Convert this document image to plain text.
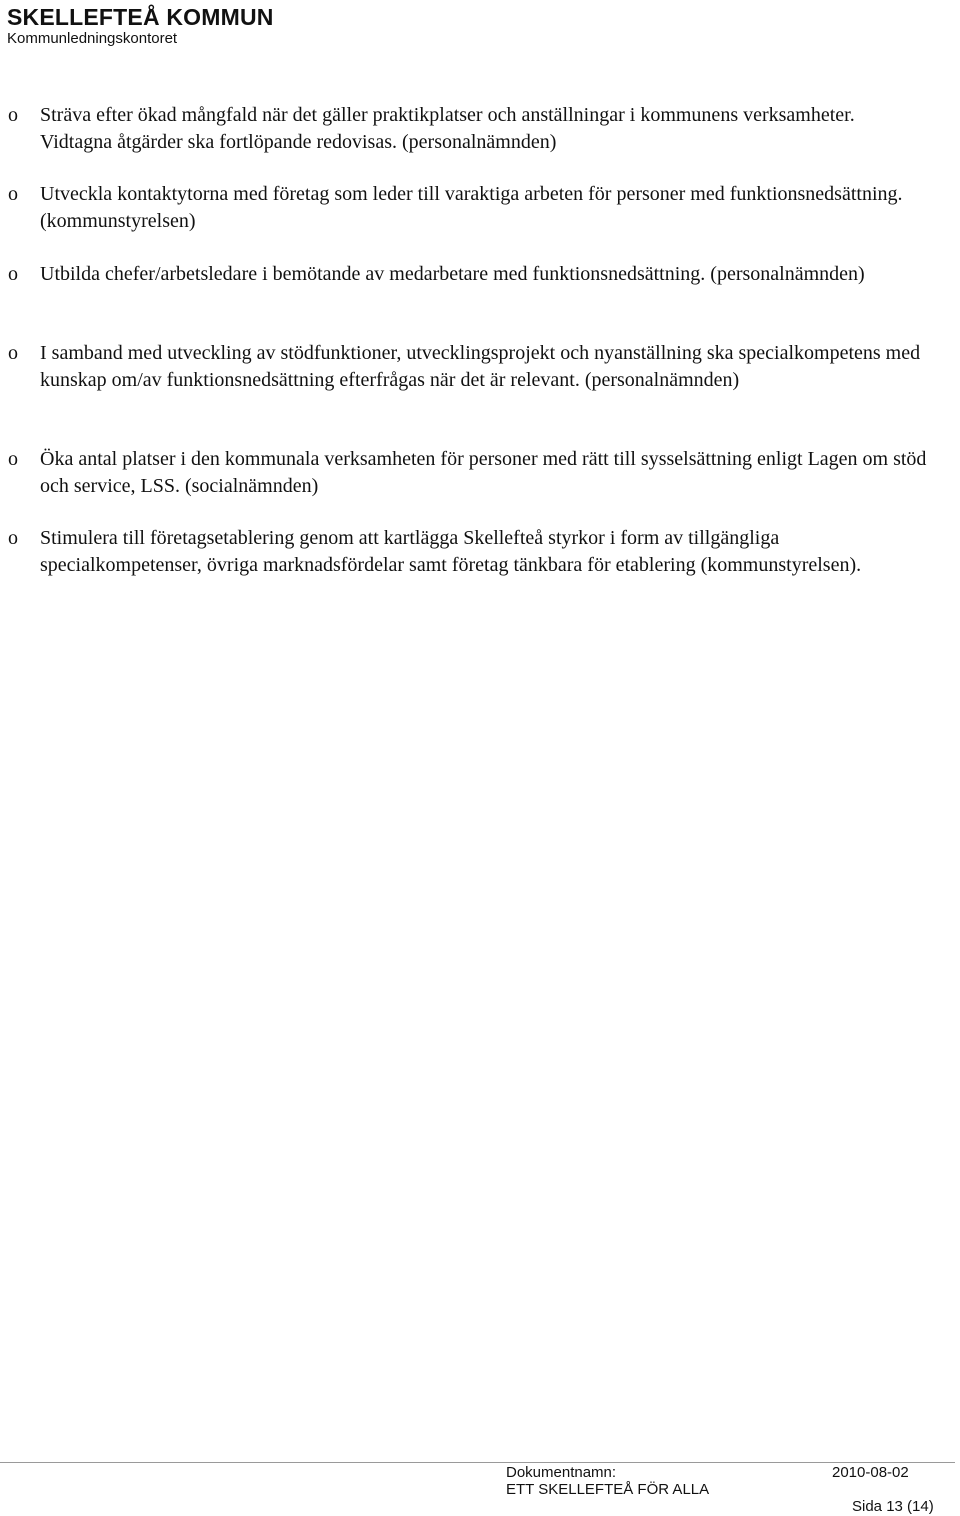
SKELLEFTEÅ KOMMUN

Kommunledningskontoret

o Sträva efter ökad mångfald när det gäller praktikplatser och anställningar i kommunens verksamheter. Vidtagna åtgärder ska fortlöpande redovisas. (personalnämnden)

o Utveckla kontaktytorna med företag som leder till varaktiga arbeten för personer med funktionsnedsättning. (kommunstyrelsen)

o Utbilda chefer/arbetsledare i bemötande av medarbetare med funktionsnedsättning. (personalnämnden)

o I samband med utveckling av stödfunktioner, utvecklingsprojekt och nyanställning ska specialkompetens med kunskap om/av funktionsnedsättning efterfrågas när det är relevant. (personalnämnden)

o Öka antal platser i den kommunala verksamheten för personer med rätt till sysselsättning enligt Lagen om stöd och service, LSS. (socialnämnden)

o Stimulera till företagsetablering genom att kartlägga Skellefteå styrkor i form av tillgängliga specialkompetenser, övriga marknadsfördelar samt företag tänkbara för etablering (kommunstyrelsen).

Dokumentnamn:
ETT SKELLEFTEÅ FÖR ALLA
2010-08-02
Sida 13 (14)
